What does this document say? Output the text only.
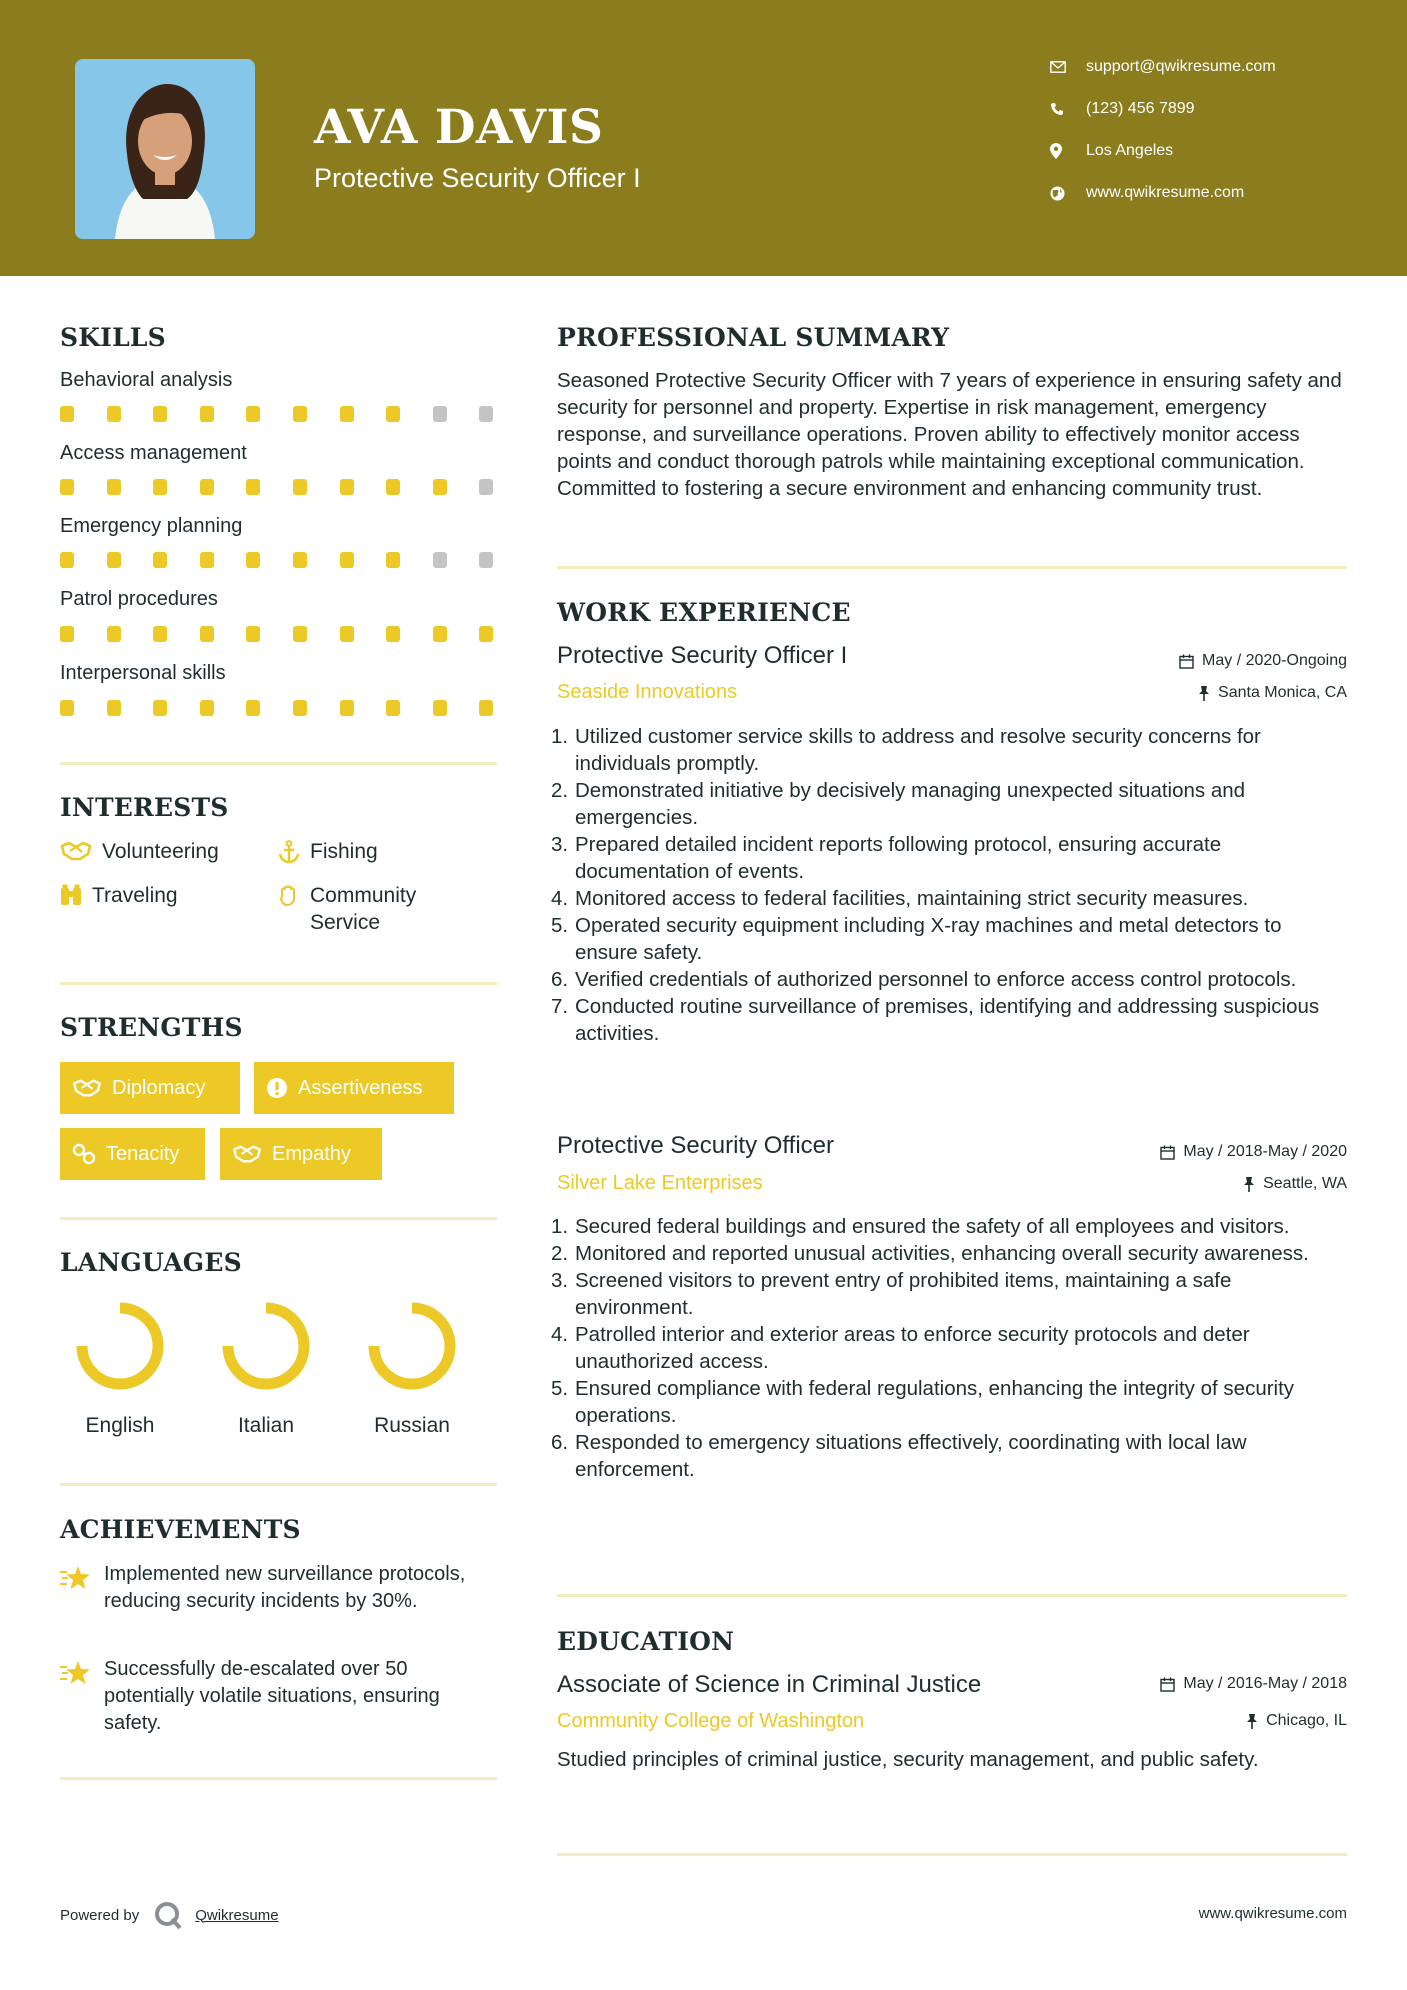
AVA DAVIS
Protective Security Officer I
support@qwikresume.com
(123) 456 7899
Los Angeles
www.qwikresume.com
SKILLS
Behavioral analysis
Access management
Emergency planning
Patrol procedures
Interpersonal skills
INTERESTS
Volunteering	Fishing
Traveling	Community Service
STRENGTHS
Diplomacy	Assertiveness
Tenacity	Empathy
LANGUAGES
English	Italian	Russian
ACHIEVEMENTS
Implemented new surveillance protocols, reducing security incidents by 30%.
Successfully de-escalated over 50 potentially volatile situations, ensuring safety.
PROFESSIONAL SUMMARY
Seasoned Protective Security Officer with 7 years of experience in ensuring safety and security for personnel and property. Expertise in risk management, emergency response, and surveillance operations. Proven ability to effectively monitor access points and conduct thorough patrols while maintaining exceptional communication. Committed to fostering a secure environment and enhancing community trust.
WORK EXPERIENCE
Protective Security Officer I	May / 2020-Ongoing
Seaside Innovations	Santa Monica, CA
Utilized customer service skills to address and resolve security concerns for individuals promptly.
Demonstrated initiative by decisively managing unexpected situations and emergencies.
Prepared detailed incident reports following protocol, ensuring accurate documentation of events.
Monitored access to federal facilities, maintaining strict security measures.
Operated security equipment including X-ray machines and metal detectors to ensure safety.
Verified credentials of authorized personnel to enforce access control protocols.
Conducted routine surveillance of premises, identifying and addressing suspicious activities.
Protective Security Officer	May / 2018-May / 2020
Silver Lake Enterprises	Seattle, WA
Secured federal buildings and ensured the safety of all employees and visitors.
Monitored and reported unusual activities, enhancing overall security awareness.
Screened visitors to prevent entry of prohibited items, maintaining a safe environment.
Patrolled interior and exterior areas to enforce security protocols and deter unauthorized access.
Ensured compliance with federal regulations, enhancing the integrity of security operations.
Responded to emergency situations effectively, coordinating with local law enforcement.
EDUCATION
Associate of Science in Criminal Justice	May / 2016-May / 2018
Community College of Washington	Chicago, IL
Studied principles of criminal justice, security management, and public safety.
Powered by	Qwikresume	www.qwikresume.com
